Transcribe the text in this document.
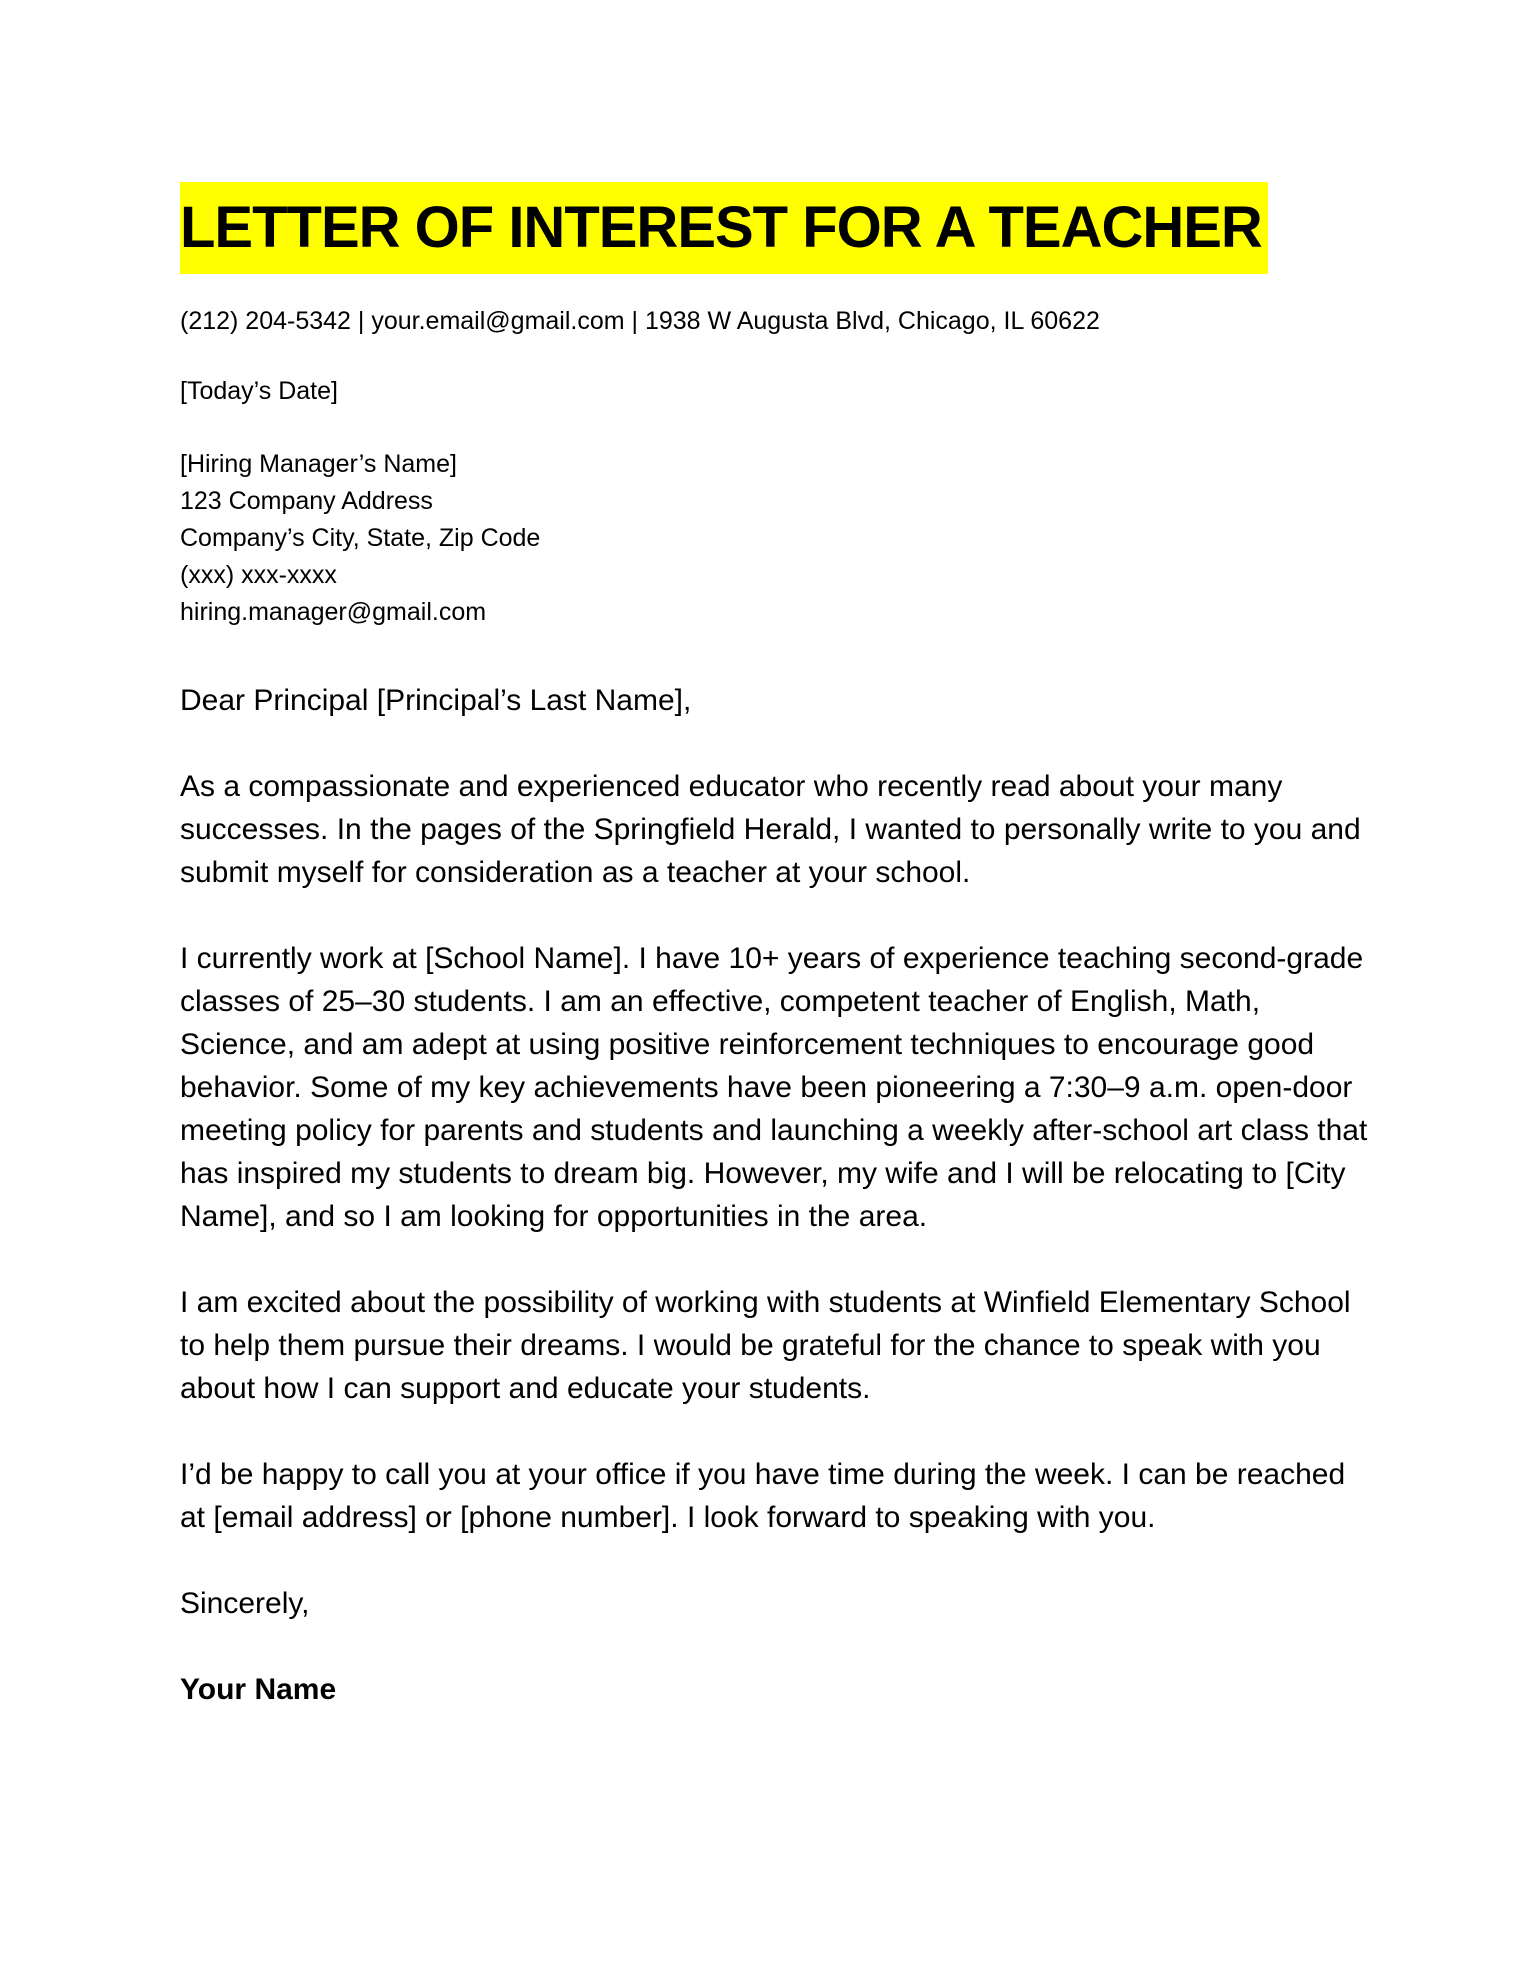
LETTER OF INTEREST FOR A TEACHER
(212) 204-5342 | your.email@gmail.com | 1938 W Augusta Blvd, Chicago, IL 60622
[Today’s Date]
[Hiring Manager’s Name]
123 Company Address
Company’s City, State, Zip Code
(xxx) xxx-xxxx
hiring.manager@gmail.com
Dear Principal [Principal’s Last Name],

As a compassionate and experienced educator who recently read about your many successes. In the pages of the Springfield Herald, I wanted to personally write to you and submit myself for consideration as a teacher at your school.

I currently work at [School Name]. I have 10+ years of experience teaching second-grade classes of 25–30 students. I am an effective, competent teacher of English, Math, Science, and am adept at using positive reinforcement techniques to encourage good behavior. Some of my key achievements have been pioneering a 7:30–9 a.m. open-door meeting policy for parents and students and launching a weekly after-school art class that has inspired my students to dream big. However, my wife and I will be relocating to [City Name], and so I am looking for opportunities in the area.

I am excited about the possibility of working with students at Winfield Elementary School to help them pursue their dreams. I would be grateful for the chance to speak with you about how I can support and educate your students.

I’d be happy to call you at your office if you have time during the week. I can be reached at [email address] or [phone number]. I look forward to speaking with you.

Sincerely,
Your Name
